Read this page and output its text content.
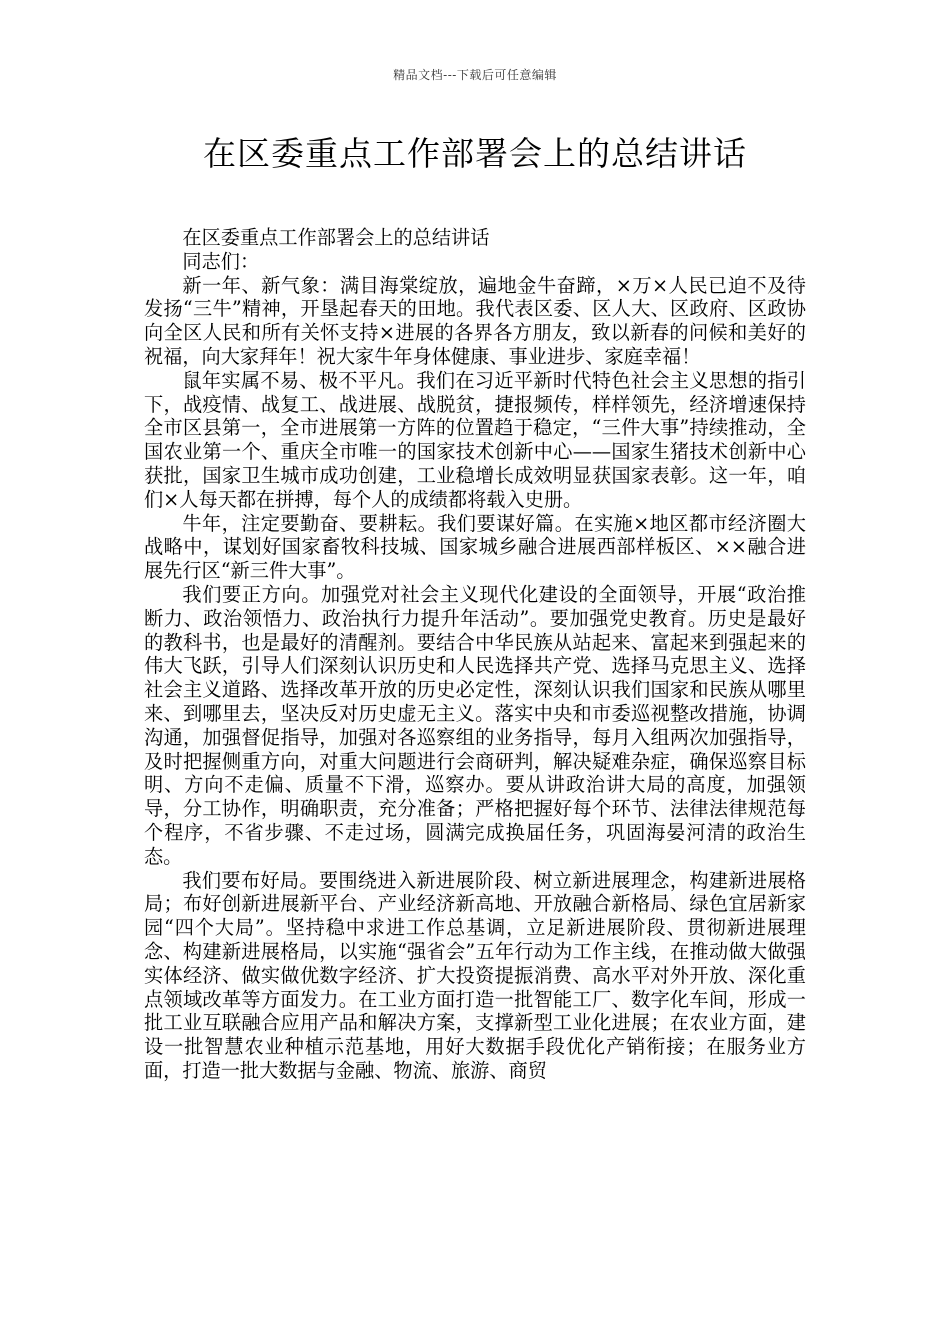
精品文档---下载后可任意编辑
在区委重点工作部署会上的总结讲话

在区委重点工作部署会上的总结讲话

同志们：

新一年、新气象：满目海棠绽放，遍地金牛奋蹄，×万×人民已迫不及待发扬“三牛”精神，开垦起春天的田地。我代表区委、区人大、区政府、区政协向全区人民和所有关怀支持×进展的各界各方朋友，致以新春的问候和美好的祝福，向大家拜年！祝大家牛年身体健康、事业进步、家庭幸福！

鼠年实属不易、极不平凡。我们在习近平新时代特色社会主义思想的指引下，战疫情、战复工、战进展、战脱贫，捷报频传，样样领先，经济增速保持全市区县第一，全市进展第一方阵的位置趋于稳定，“三件大事”持续推动，全国农业第一个、重庆全市唯一的国家技术创新中心——国家生猪技术创新中心获批，国家卫生城市成功创建，工业稳增长成效明显获国家表彰。这一年，咱们×人每天都在拼搏，每个人的成绩都将载入史册。

牛年，注定要勤奋、要耕耘。我们要谋好篇。在实施×地区都市经济圈大战略中，谋划好国家畜牧科技城、国家城乡融合进展西部样板区、××融合进展先行区“新三件大事”。

我们要正方向。加强党对社会主义现代化建设的全面领导，开展“政治推断力、政治领悟力、政治执行力提升年活动”。要加强党史教育。历史是最好的教科书，也是最好的清醒剂。要结合中华民族从站起来、富起来到强起来的伟大飞跃，引导人们深刻认识历史和人民选择共产党、选择马克思主义、选择社会主义道路、选择改革开放的历史必定性，深刻认识我们国家和民族从哪里来、到哪里去，坚决反对历史虚无主义。落实中央和市委巡视整改措施，协调沟通，加强督促指导，加强对各巡察组的业务指导，每月入组两次加强指导，及时把握侧重方向，对重大问题进行会商研判，解决疑难杂症，确保巡察目标明、方向不走偏、质量不下滑，巡察办。要从讲政治讲大局的高度，加强领导，分工协作，明确职责，充分准备；严格把握好每个环节、法律法律规范每个程序，不省步骤、不走过场，圆满完成换届任务，巩固海晏河清的政治生态。

我们要布好局。要围绕进入新进展阶段、树立新进展理念，构建新进展格局；布好创新进展新平台、产业经济新高地、开放融合新格局、绿色宜居新家园“四个大局”。坚持稳中求进工作总基调，立足新进展阶段、贯彻新进展理念、构建新进展格局，以实施“强省会”五年行动为工作主线，在推动做大做强实体经济、做实做优数字经济、扩大投资提振消费、高水平对外开放、深化重点领域改革等方面发力。在工业方面打造一批智能工厂、数字化车间，形成一批工业互联融合应用产品和解决方案，支撑新型工业化进展；在农业方面，建设一批智慧农业种植示范基地，用好大数据手段优化产销衔接；在服务业方面，打造一批大数据与金融、物流、旅游、商贸
